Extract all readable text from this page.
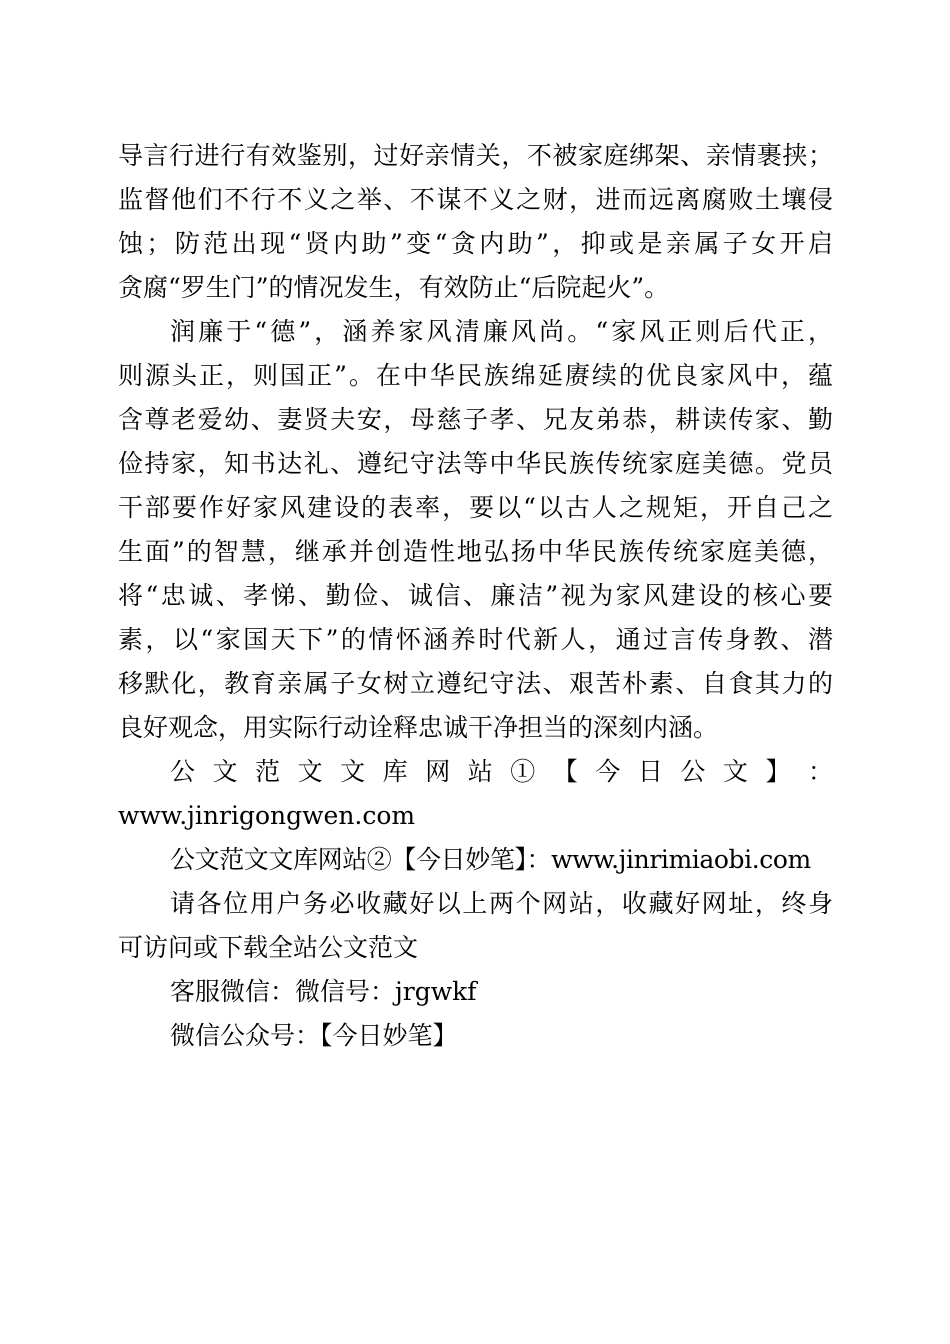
导言行进行有效鉴别，过好亲情关，不被家庭绑架、亲情裹挟；
监督他们不行不义之举、不谋不义之财，进而远离腐败土壤侵
蚀；防范出现“贤内助”变“贪内助”，抑或是亲属子女开启
贪腐“罗生门”的情况发生，有效防止“后院起火”。
润廉于“德”，涵养家风清廉风尚。“家风正则后代正，
则源头正，则国正”。在中华民族绵延赓续的优良家风中，蕴
含尊老爱幼、妻贤夫安，母慈子孝、兄友弟恭，耕读传家、勤
俭持家，知书达礼、遵纪守法等中华民族传统家庭美德。党员
干部要作好家风建设的表率，要以“以古人之规矩，开自己之
生面”的智慧，继承并创造性地弘扬中华民族传统家庭美德，
将“忠诚、孝悌、勤俭、诚信、廉洁”视为家风建设的核心要
素，以“家国天下”的情怀涵养时代新人，通过言传身教、潜
移默化，教育亲属子女树立遵纪守法、艰苦朴素、自食其力的
良好观念，用实际行动诠释忠诚干净担当的深刻内涵。
公 文 范 文 文 库 网 站 ① 【 今 日 公 文 】 ：
www.jinrigongwen.com
公文范文文库网站②【今日妙笔】：www.jinrimiaobi.com
请各位用户务必收藏好以上两个网站，收藏好网址，终身
可访问或下载全站公文范文
客服微信：微信号：jrgwkf
微信公众号：【今日妙笔】
